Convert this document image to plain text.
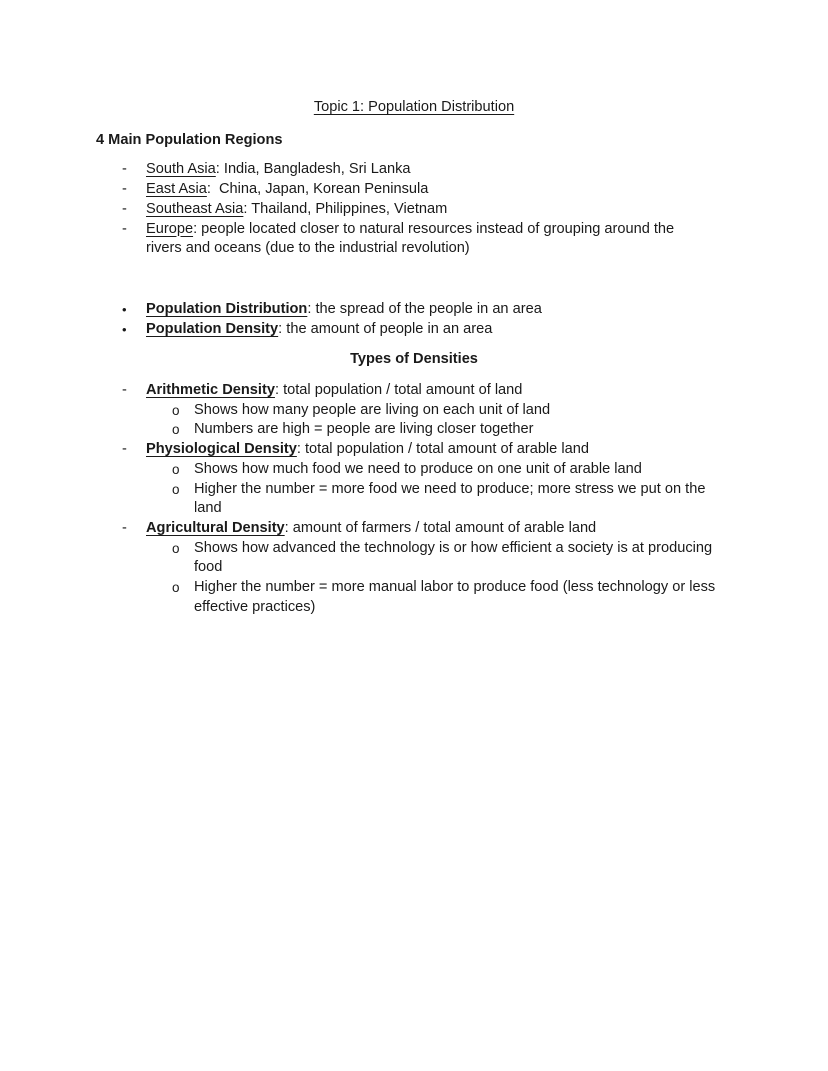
Topic 1: Population Distribution
4 Main Population Regions
-	South Asia: India, Bangladesh, Sri Lanka

-	East Asia:  China, Japan, Korean Peninsula

-	Southeast Asia: Thailand, Philippines, Vietnam

-	Europe: people located closer to natural resources instead of grouping around the rivers and oceans (due to the industrial revolution)

•	Population Distribution: the spread of the people in an area

•	Population Density: the amount of people in an area

Types of Densities
-	Arithmetic Density: total population / total amount of land

o Shows how many people are living on each unit of land

o Numbers are high = people are living closer together

-	Physiological Density: total population / total amount of arable land

o Shows how much food we need to produce on one unit of arable land

o Higher the number = more food we need to produce; more stress we put on the land

-	Agricultural Density: amount of farmers / total amount of arable land

o Shows how advanced the technology is or how efficient a society is at producing food

o Higher the number = more manual labor to produce food (less technology or less effective practices)
